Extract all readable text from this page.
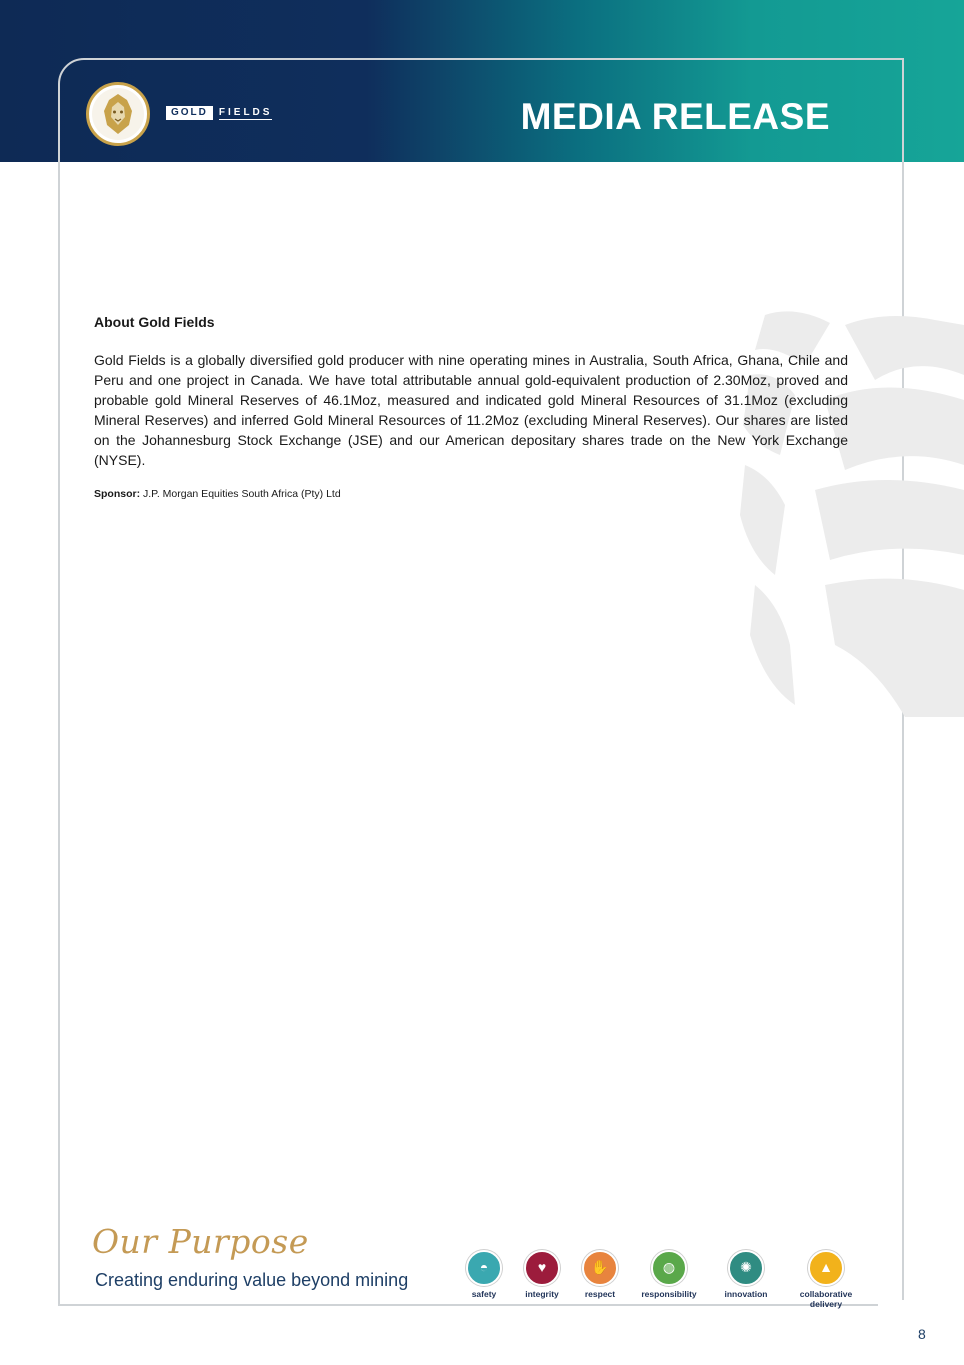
GOLD	FIELDS	MEDIA RELEASE

About Gold Fields

Gold Fields is a globally diversified gold producer with nine operating mines in Australia, South Africa, Ghana, Chile and Peru and one project in Canada. We have total attributable annual gold-equivalent production of 2.30Moz, proved and probable gold Mineral Reserves of 46.1Moz, measured and indicated gold Mineral Resources of 31.1Moz (excluding Mineral Reserves) and inferred Gold Mineral Resources of 11.2Moz (excluding Mineral Reserves). Our shares are listed on the Johannesburg Stock Exchange (JSE) and our American depositary shares trade on the New York Exchange (NYSE).

Sponsor: J.P. Morgan Equities South Africa (Pty) Ltd

Our Purpose
Creating enduring value beyond mining
◓
safety
♥
integrity
✋
respect
◍
responsibility
✺
innovation
▲
collaborative delivery
8
